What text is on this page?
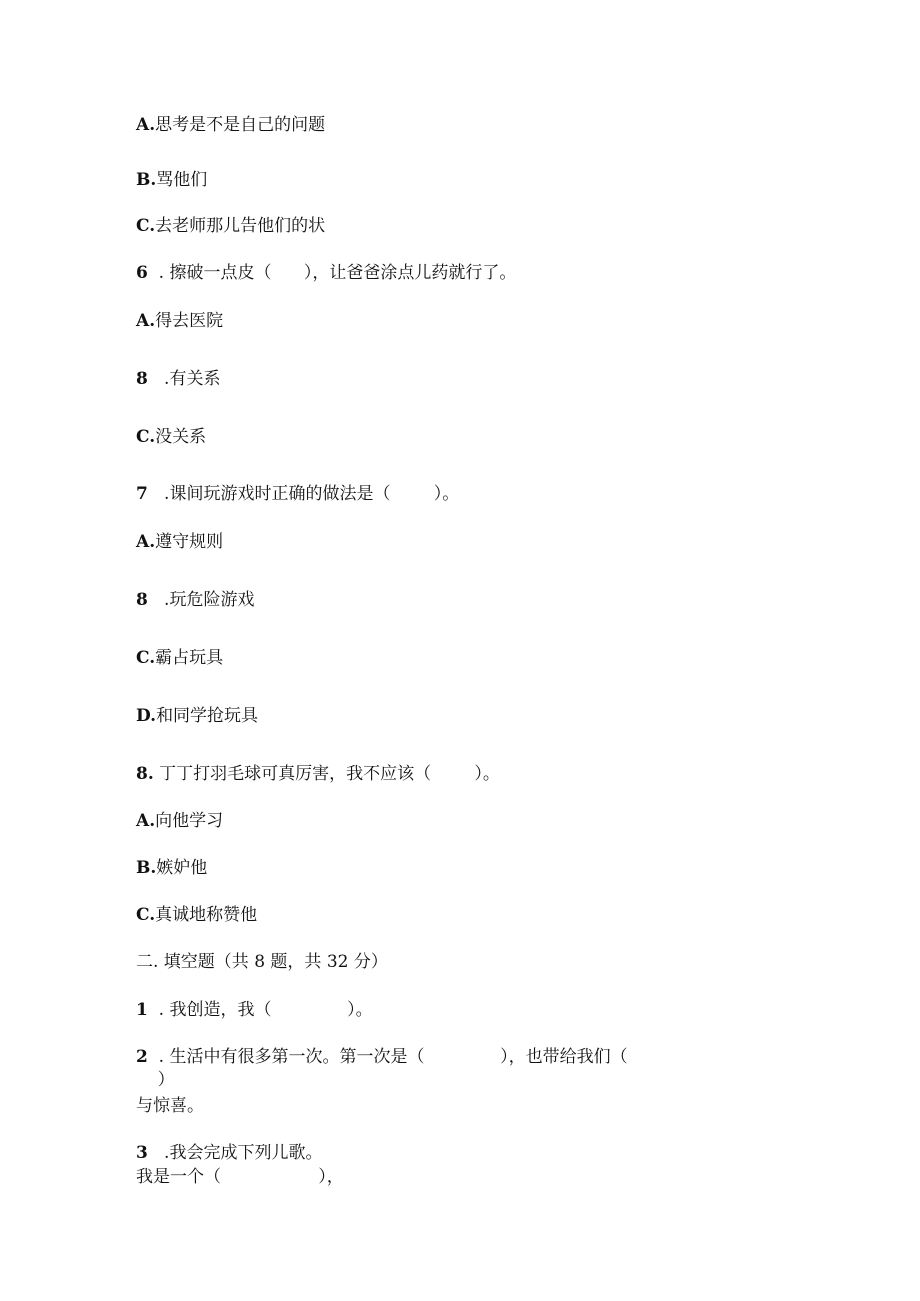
A.思考是不是自己的问题
B.骂他们
C.去老师那儿告他们的状
6  . 擦破一点皮（      ），让爸爸涂点儿药就行了。
A.得去医院
8   .有关系
C.没关系
7   .课间玩游戏时正确的做法是（        ）。
A.遵守规则
8   .玩危险游戏
C.霸占玩具
D.和同学抢玩具
8. 丁丁打羽毛球可真厉害，我不应该（        ）。
A.向他学习
B.嫉妒他
C.真诚地称赞他
二. 填空题（共 8 题，共 32 分）
1  . 我创造，我（              ）。
2  . 生活中有很多第一次。第一次是（              ），也带给我们（
）
与惊喜。
3   .我会完成下列儿歌。
我是一个（                  ），
